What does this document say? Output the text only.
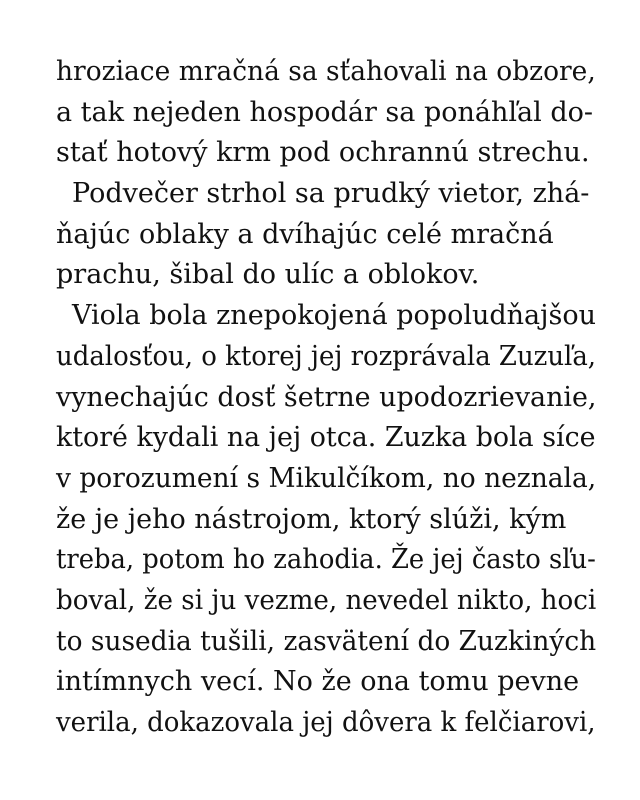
hroziace mračná sa sťahovali na obzore,
a tak nejeden hospodár sa ponáhľal do-
stať hotový krm pod ochrannú strechu.
Podvečer strhol sa prudký vietor, zhá-
ňajúc oblaky a dvíhajúc celé mračná
prachu, šibal do ulíc a oblokov.
Viola bola znepokojená popoludňajšou
udalosťou, o ktorej jej rozprávala Zuzuľa,
vynechajúc dosť šetrne upodozrievanie,
ktoré kydali na jej otca. Zuzka bola síce
v porozumení s Mikulčíkom, no neznala,
že je jeho nástrojom, ktorý slúži, kým
treba, potom ho zahodia. Že jej často sľu-
boval, že si ju vezme, nevedel nikto, hoci
to susedia tušili, zasvätení do Zuzkiných
intímnych vecí. No že ona tomu pevne
verila, dokazovala jej dôvera k felčiarovi,
